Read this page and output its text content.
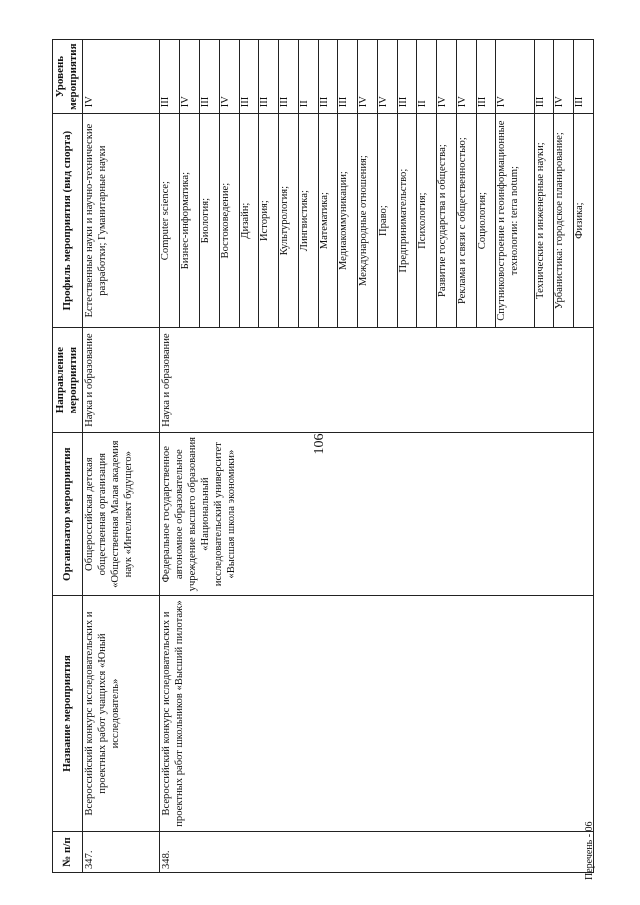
106
№ п/п	Название мероприятия	Организатор мероприятия	Направление мероприятия	Профиль мероприятия (вид спорта)	Уровень мероприятия
347.	Всероссийский конкурс исследовательских и проектных работ учащихся «Юный исследователь»	Общероссийская детская общественная организация «Общественная Малая академия наук «Интеллект будущего»	Наука и образование	Естественные науки и научно-технические разработки; Гуманитарные науки	IV
348.	Всероссийский конкурс исследовательских и проектных работ школьников «Высший пилотаж»	Федеральное государственное автономное образовательное учреждение высшего образования «Национальный исследовательский университет «Высшая школа экономики»	Наука и образование	Computer science;	III
				Бизнес-информатика;	IV
				Биология;	III
				Востоковедение;	IV
				Дизайн;	III
				История;	III
				Культурология;	III
				Лингвистика;	II
				Математика;	III
				Медиакоммуникации;	III
				Международные отношения;	IV
				Право;	IV
				Предпринимательство;	III
				Психология;	II
				Развитие государства и общества;	IV
				Реклама и связи с общественностью;	IV
				Социология;	III
				Спутниковостроение и геоинформационные технологии: terra notum;	IV
				Технические и инженерные науки;	III
				Урбанистика: городское планирование;	IV
				Физика;	III
Перечень - 06
